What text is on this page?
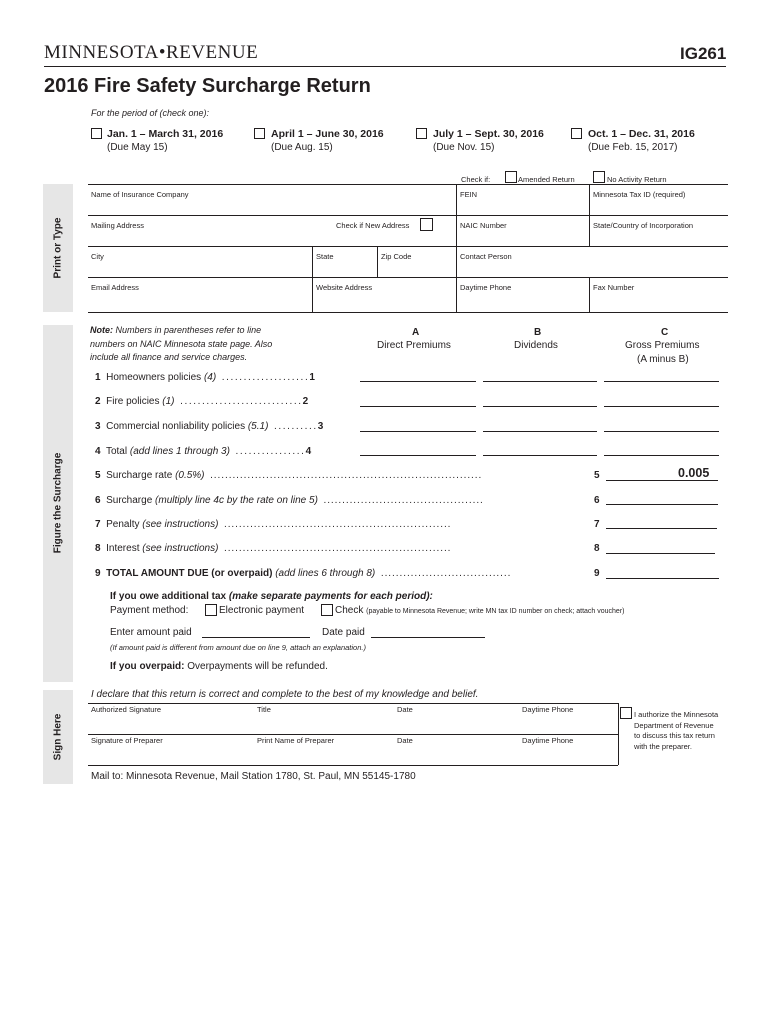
MINNESOTA•REVENUE	IG261
2016 Fire Safety Surcharge Return
For the period of (check one):
Jan. 1 – March 31, 2016
(Due May 15)
April 1 – June 30, 2016
(Due Aug. 15)
July 1 – Sept. 30, 2016
(Due Nov. 15)
Oct. 1 – Dec. 31, 2016
(Due Feb. 15, 2017)
Check if:	Amended Return	No Activity Return
Print or Type
Name of Insurance Company	FEIN	Minnesota Tax ID (required)
Mailing Address	Check if New Address	NAIC Number	State/Country of Incorporation
City	State	Zip Code	Contact Person
Email Address	Website Address	Daytime Phone	Fax Number
Figure the Surcharge
Note: Numbers in parentheses refer to line
numbers on NAIC Minnesota state page. Also
include all finance and service charges.
A
Direct Premiums
B
Dividends
C
Gross Premiums
(A minus B)
1 Homeowners policies (4) ....................1
2 Fire policies (1) ............................2
3 Commercial nonliability policies (5.1) ..........3
4 Total (add lines 1 through 3) ................4
5 Surcharge rate (0.5%) .........................................................................	5	0.005
6 Surcharge (multiply line 4c by the rate on line 5) ...........................................	6
7 Penalty (see instructions) .............................................................	7
8 Interest (see instructions) .............................................................	8
9 TOTAL AMOUNT DUE (or overpaid) (add lines 6 through 8) ...................................	9
If you owe additional tax (make separate payments for each period):
Payment method:	Electronic payment	Check (payable to Minnesota Revenue; write MN tax ID number on check; attach voucher)
Enter amount paid	Date paid
(If amount paid is different from amount due on line 9, attach an explanation.)
If you overpaid: Overpayments will be refunded.
Sign Here
I declare that this return is correct and complete to the best of my knowledge and belief.
Authorized Signature	Title	Date	Daytime Phone
Signature of Preparer	Print Name of Preparer	Date	Daytime Phone
I authorize the Minnesota
Department of Revenue
to discuss this tax return
with the preparer.
Mail to: Minnesota Revenue, Mail Station 1780, St. Paul, MN 55145-1780
